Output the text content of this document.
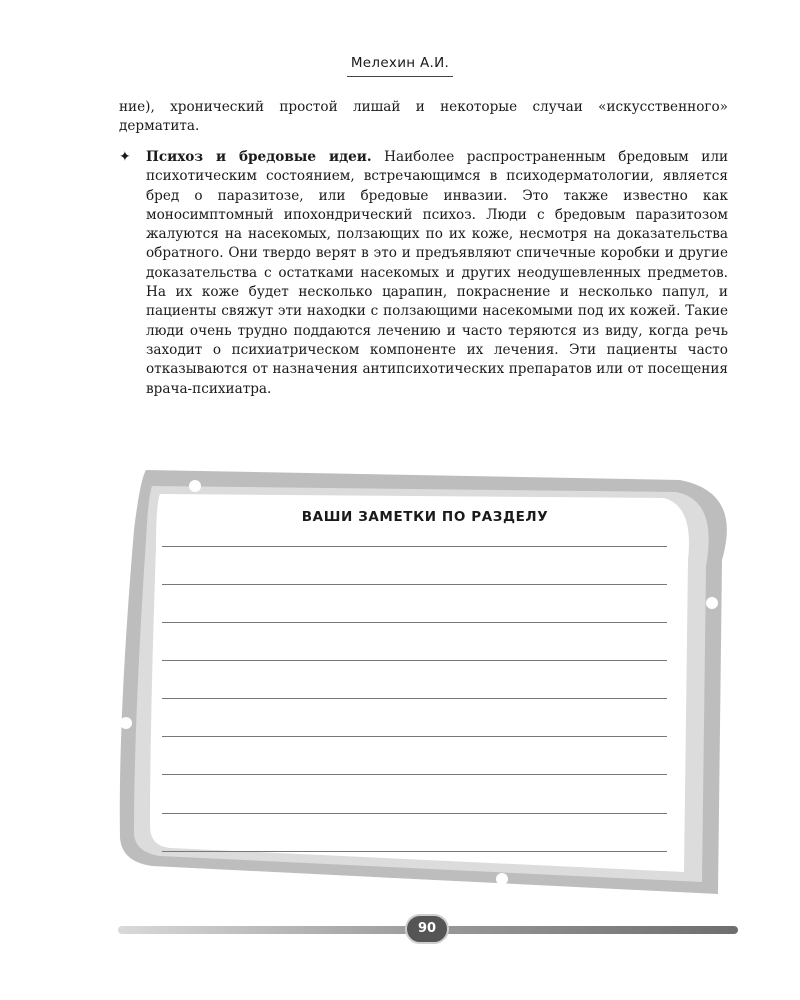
Мелехин А.И.

ние), хронический простой лишай и некоторые случаи «искусственного» дерматита.

✦ Психоз и бредовые идеи. Наиболее распространенным бредовым или психотическим состоянием, встречающимся в психодерматологии, является бред о паразитозе, или бредовые инвазии. Это также известно как моносимптомный ипохондрический психоз. Люди с бредовым паразитозом жалуются на насекомых, ползающих по их коже, несмотря на доказательства обратного. Они твердо верят в это и предъявляют спичечные коробки и другие доказательства с остатками насекомых и других неодушевленных предметов. На их коже будет несколько царапин, покраснение и несколько папул, и пациенты свяжут эти находки с ползающими насекомыми под их кожей. Такие люди очень трудно поддаются лечению и часто теряются из виду, когда речь заходит о психиатрическом компоненте их лечения. Эти пациенты часто отказываются от назначения антипсихотических препаратов или от посещения врача-психиатра.
ВАШИ ЗАМЕТКИ ПО РАЗДЕЛУ
90
